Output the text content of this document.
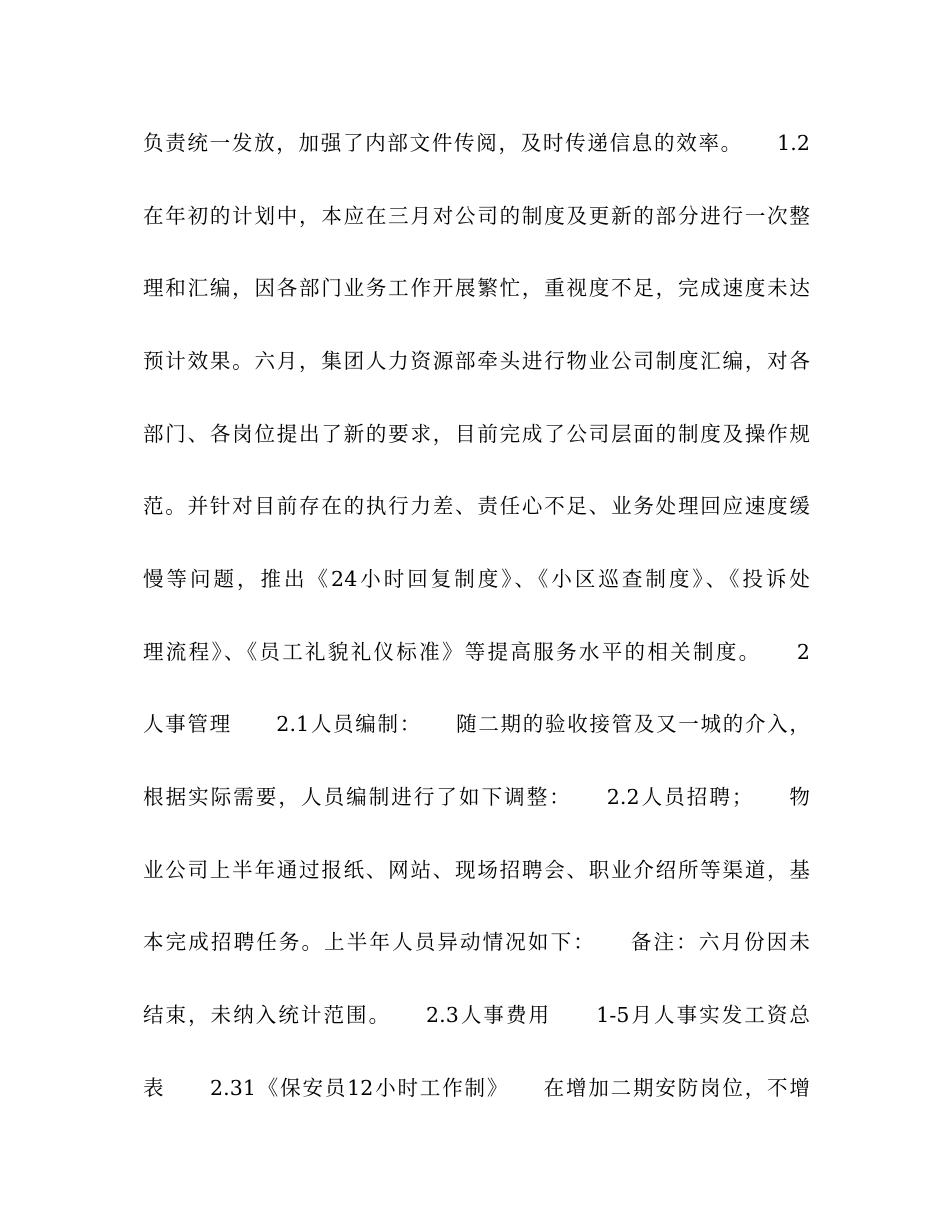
负责统一发放，加强了内部文件传阅，及时传递信息的效率。　　1.2
在年初的计划中，本应在三月对公司的制度及更新的部分进行一次整
理和汇编，因各部门业务工作开展繁忙，重视度不足，完成速度未达
预计效果。六月，集团人力资源部牵头进行物业公司制度汇编，对各
部门、各岗位提出了新的要求，目前完成了公司层面的制度及操作规
范。并针对目前存在的执行力差、责任心不足、业务处理回应速度缓
慢等问题，推出《24小时回复制度》、《小区巡查制度》、《投诉处
理流程》、《员工礼貌礼仪标准》等提高服务水平的相关制度。　　2
人事管理　　2.1人员编制：　　随二期的验收接管及又一城的介入，
根据实际需要，人员编制进行了如下调整：　　2.2人员招聘；　　物
业公司上半年通过报纸、网站、现场招聘会、职业介绍所等渠道，基
本完成招聘任务。上半年人员异动情况如下：　　备注：六月份因未
结束，未纳入统计范围。　　2.3人事费用　　1-5月人事实发工资总
表　　2.31《保安员12小时工作制》　　在增加二期安防岗位，不增
